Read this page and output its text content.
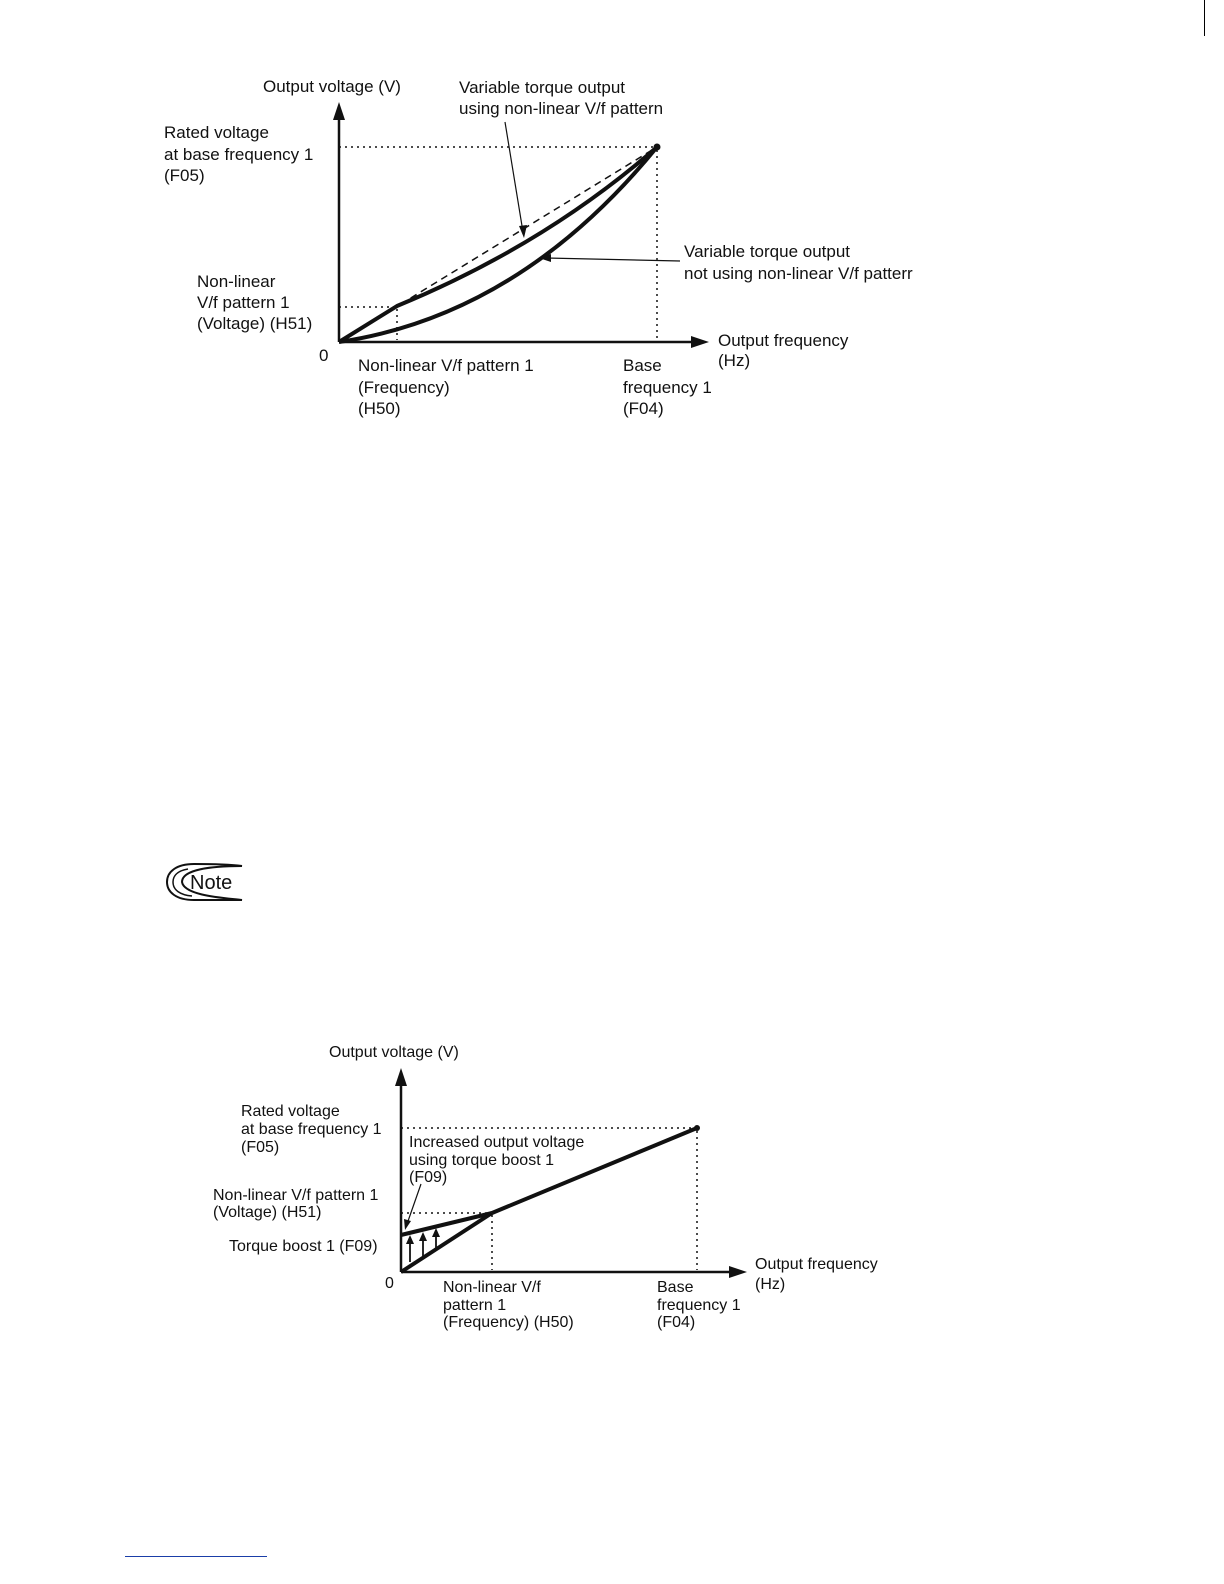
Output voltage (V)	Variable torque output
using non-linear V/f pattern
Rated voltage
at base frequency 1
(F05)
Variable torque output
not using non-linear V/f patterr
Non-linear
V/f pattern 1
(Voltage) (H51)
0
Non-linear V/f pattern 1
(Frequency)
(H50)
Base
frequency 1
(F04)
Output frequency
(Hz)
Note
Output voltage (V)
Rated voltage
at base frequency 1
(F05)	Increased output voltage
using torque boost 1
(F09)
Non-linear V/f pattern 1
(Voltage) (H51)
Torque boost 1 (F09)
0	Non-linear V/f
pattern 1
(Frequency) (H50)
Base
frequency 1
(F04)
Output frequency
(Hz)
